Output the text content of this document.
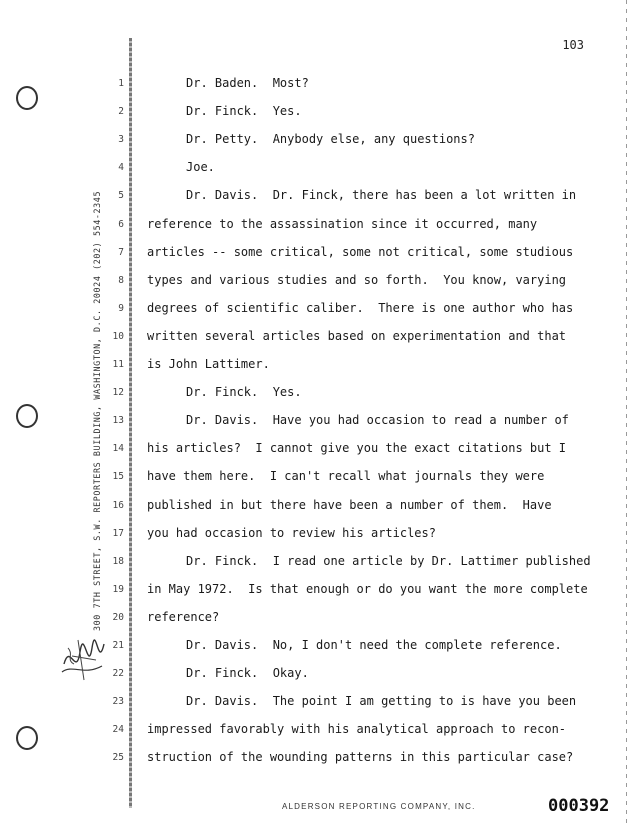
300 7TH STREET, S.W. REPORTERS BUILDING, WASHINGTON, D.C. 20024 (202) 554-2345
103
1	Dr. Baden.  Most?
2	Dr. Finck.  Yes.
3	Dr. Petty.  Anybody else, any questions?
4	Joe.
5	Dr. Davis.  Dr. Finck, there has been a lot written in
6 reference to the assassination since it occurred, many
7 articles -- some critical, some not critical, some studious
8 types and various studies and so forth.  You know, varying
9 degrees of scientific caliber.  There is one author who has
10 written several articles based on experimentation and that
11 is John Lattimer.
12	Dr. Finck.  Yes.
13	Dr. Davis.  Have you had occasion to read a number of
14 his articles?  I cannot give you the exact citations but I
15 have them here.  I can't recall what journals they were
16 published in but there have been a number of them.  Have
17 you had occasion to review his articles?
18	Dr. Finck.  I read one article by Dr. Lattimer published
19 in May 1972.  Is that enough or do you want the more complete
20 reference?
21	Dr. Davis.  No, I don't need the complete reference.
22	Dr. Finck.  Okay.
23	Dr. Davis.  The point I am getting to is have you been
24 impressed favorably with his analytical approach to recon-
25 struction of the wounding patterns in this particular case?
ALDERSON REPORTING COMPANY, INC.	000392
